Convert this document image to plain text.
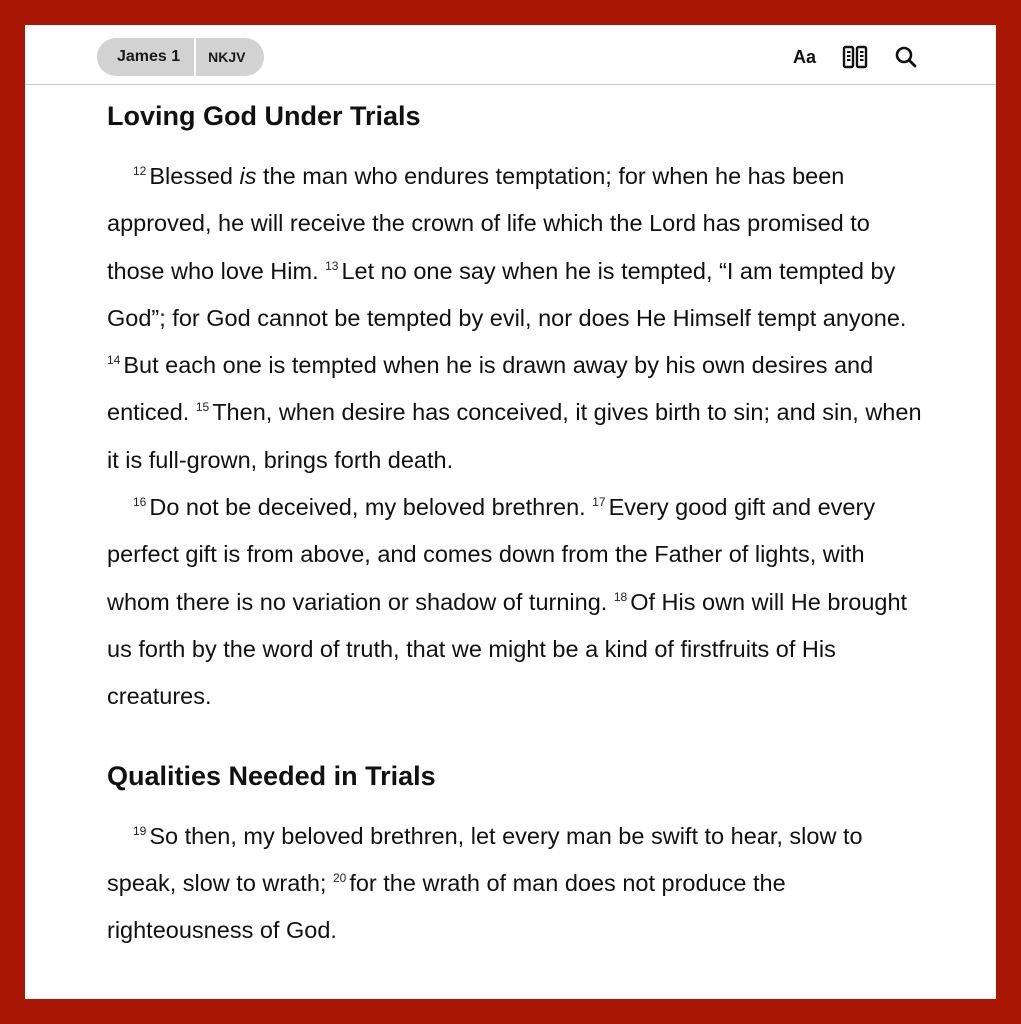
James 1	NKJV	Aa
Loving God Under Trials

$^{12}$ Blessed is the man who endures temptation; for when he has been approved, he will receive the crown of life which the Lord has promised to those who love Him. $^{13}$ Let no one say when he is tempted, “I am tempted by God”; for God cannot be tempted by evil, nor does He Himself tempt anyone. $^{14}$ But each one is tempted when he is drawn away by his own desires and enticed. $^{15}$ Then, when desire has conceived, it gives birth to sin; and sin, when it is full-grown, brings forth death.

$^{16}$ Do not be deceived, my beloved brethren. $^{17}$ Every good gift and every perfect gift is from above, and comes down from the Father of lights, with whom there is no variation or shadow of turning. $^{18}$ Of His own will He brought us forth by the word of truth, that we might be a kind of firstfruits of His creatures.

Qualities Needed in Trials

$^{19}$ So then, my beloved brethren, let every man be swift to hear, slow to speak, slow to wrath; $^{20}$ for the wrath of man does not produce the righteousness of God.
